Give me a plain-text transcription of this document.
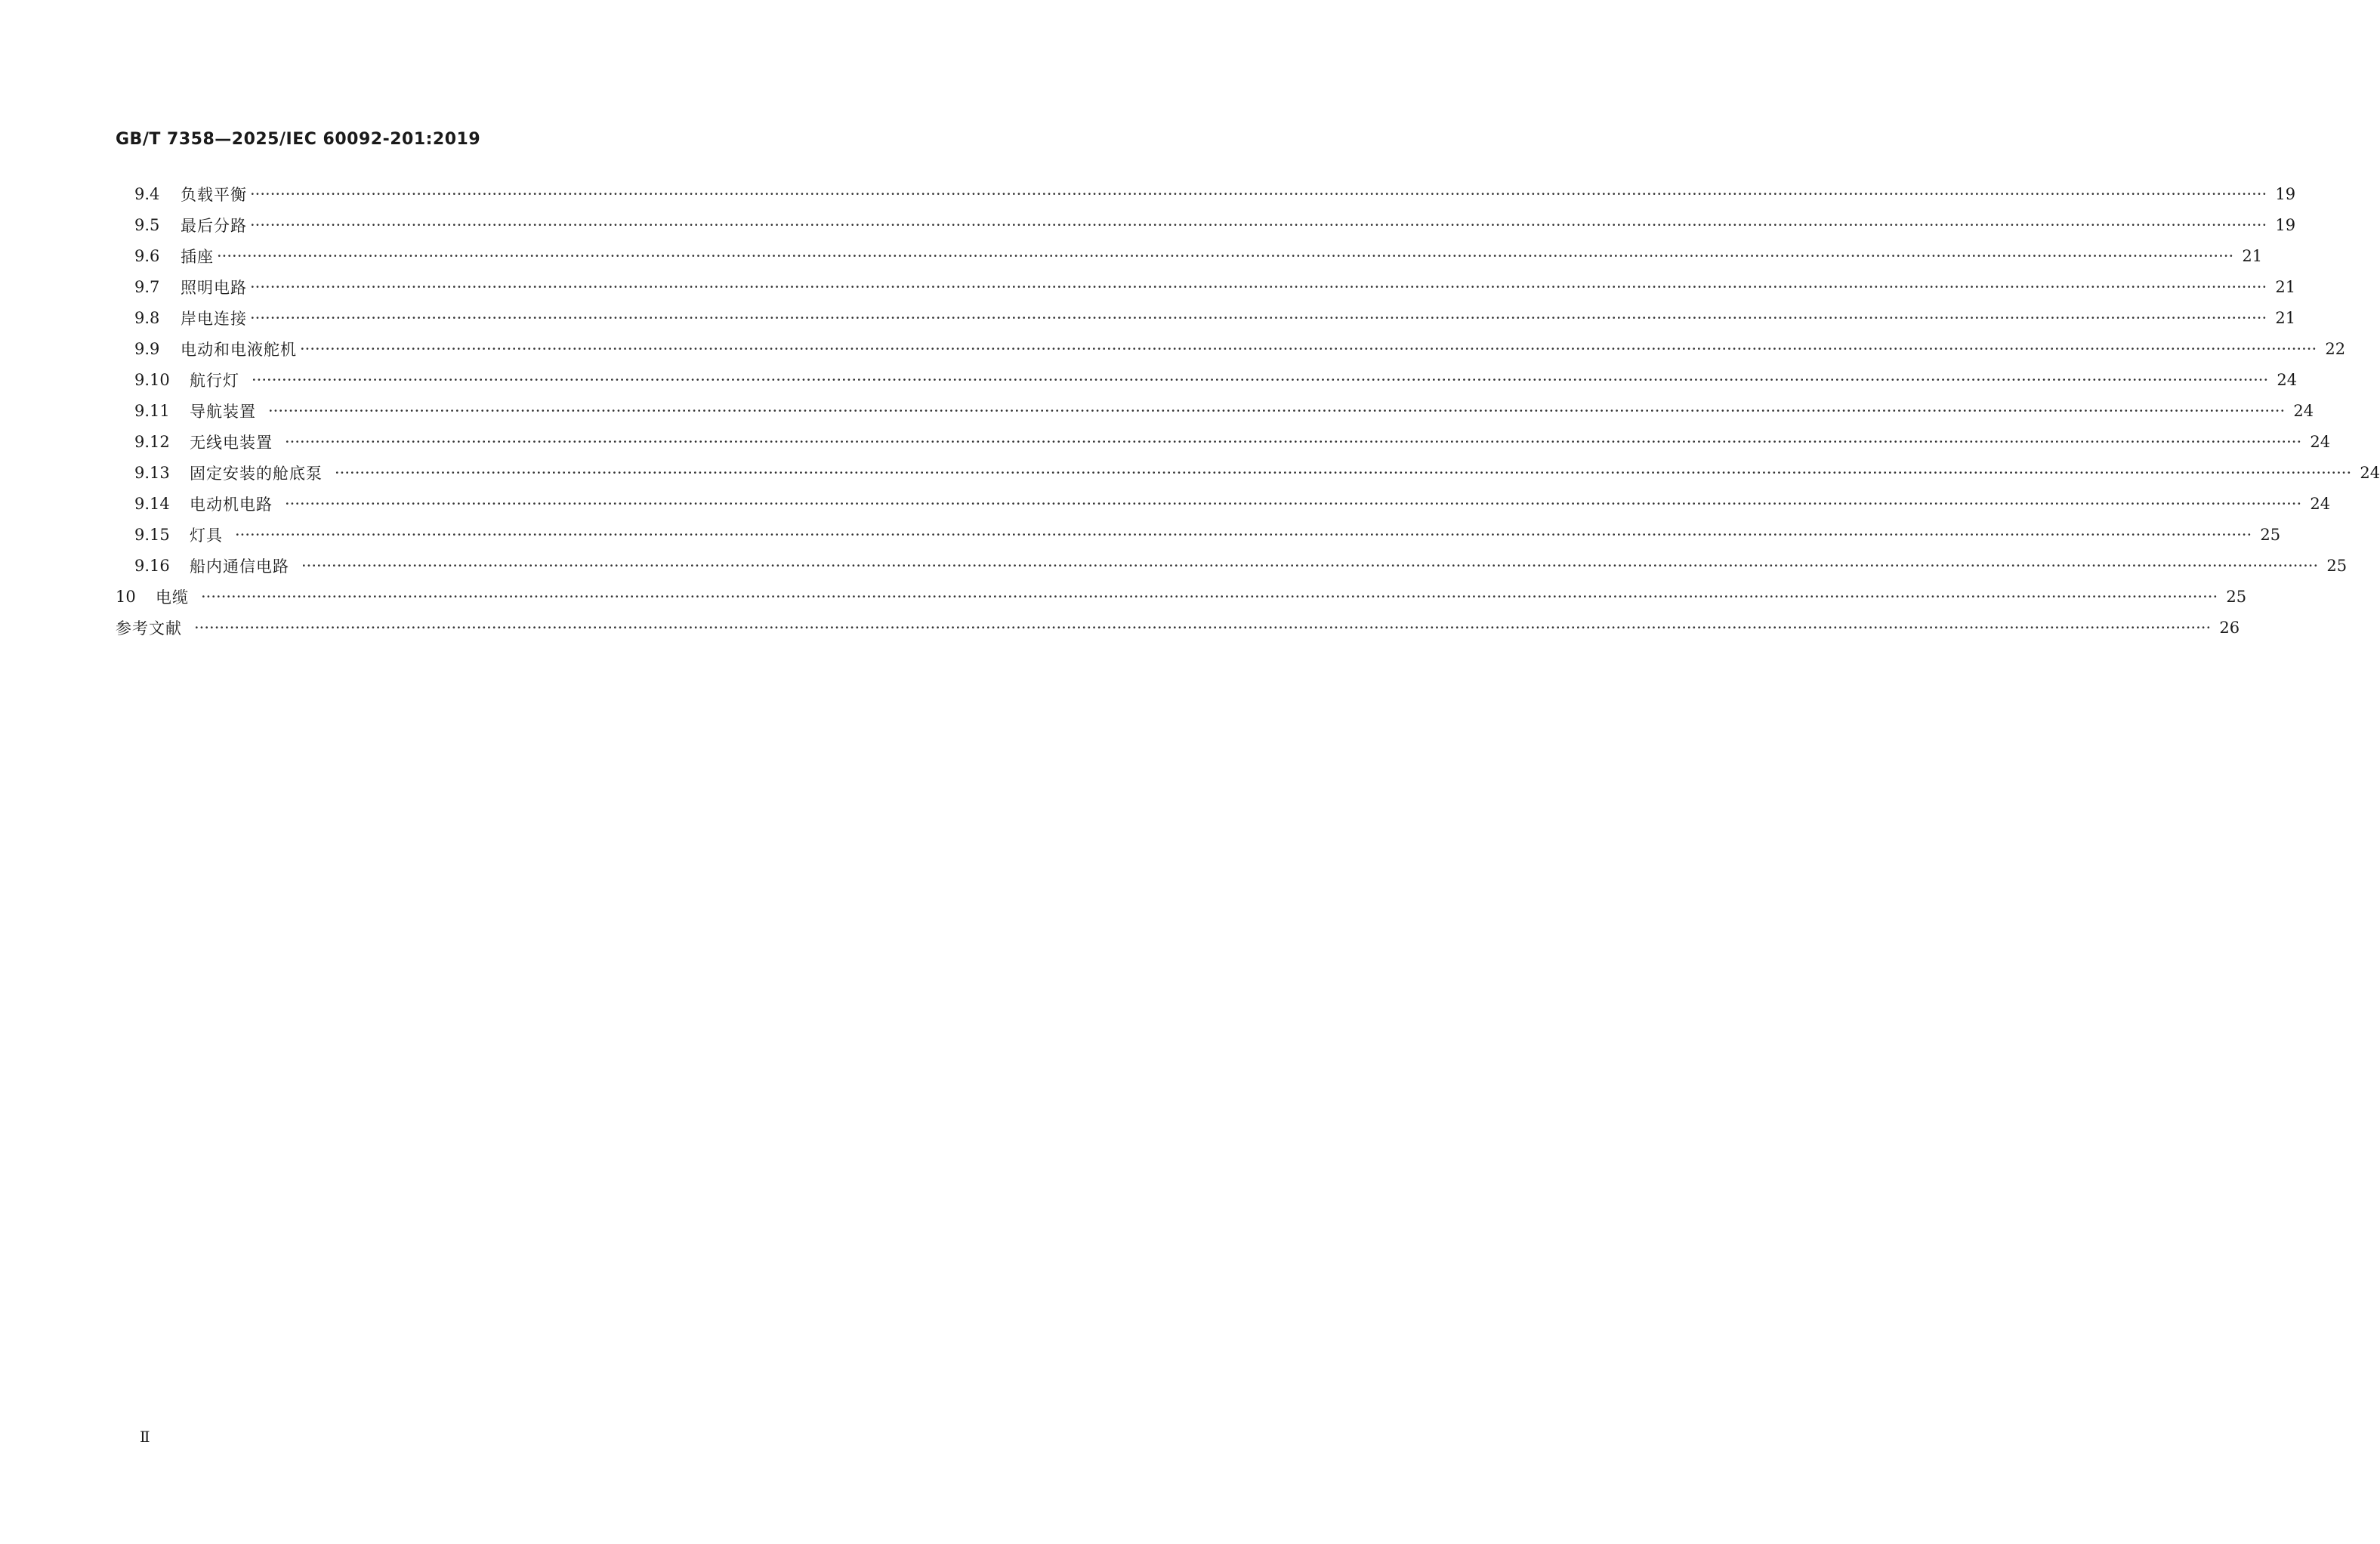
GB/T 7358—2025/IEC 60092-201:2019
9.4	负载平衡 ················································································································································································································································································································································································································ 19
9.5	最后分路 ················································································································································································································································································································································································································ 19
9.6	插座 ················································································································································································································································································································································································································ 21
9.7	照明电路 ················································································································································································································································································································································································································ 21
9.8	岸电连接 ················································································································································································································································································································································································································ 21
9.9	电动和电液舵机 ················································································································································································································································································································································································································ 22
9.10	航行灯 ················································································································································································································································································································································································································ 24
9.11	导航装置 ················································································································································································································································································································································································································ 24
9.12	无线电装置 ················································································································································································································································································································································································································ 24
9.13	固定安装的舱底泵 ················································································································································································································································································································································································································ 24
9.14	电动机电路 ················································································································································································································································································································································································································ 24
9.15	灯具 ················································································································································································································································································································································································································ 25
9.16	船内通信电路 ················································································································································································································································································································································································································ 25
10	电缆 ················································································································································································································································································································································································································ 25
参考文献 ················································································································································································································································································································································································································ 26
Ⅱ
